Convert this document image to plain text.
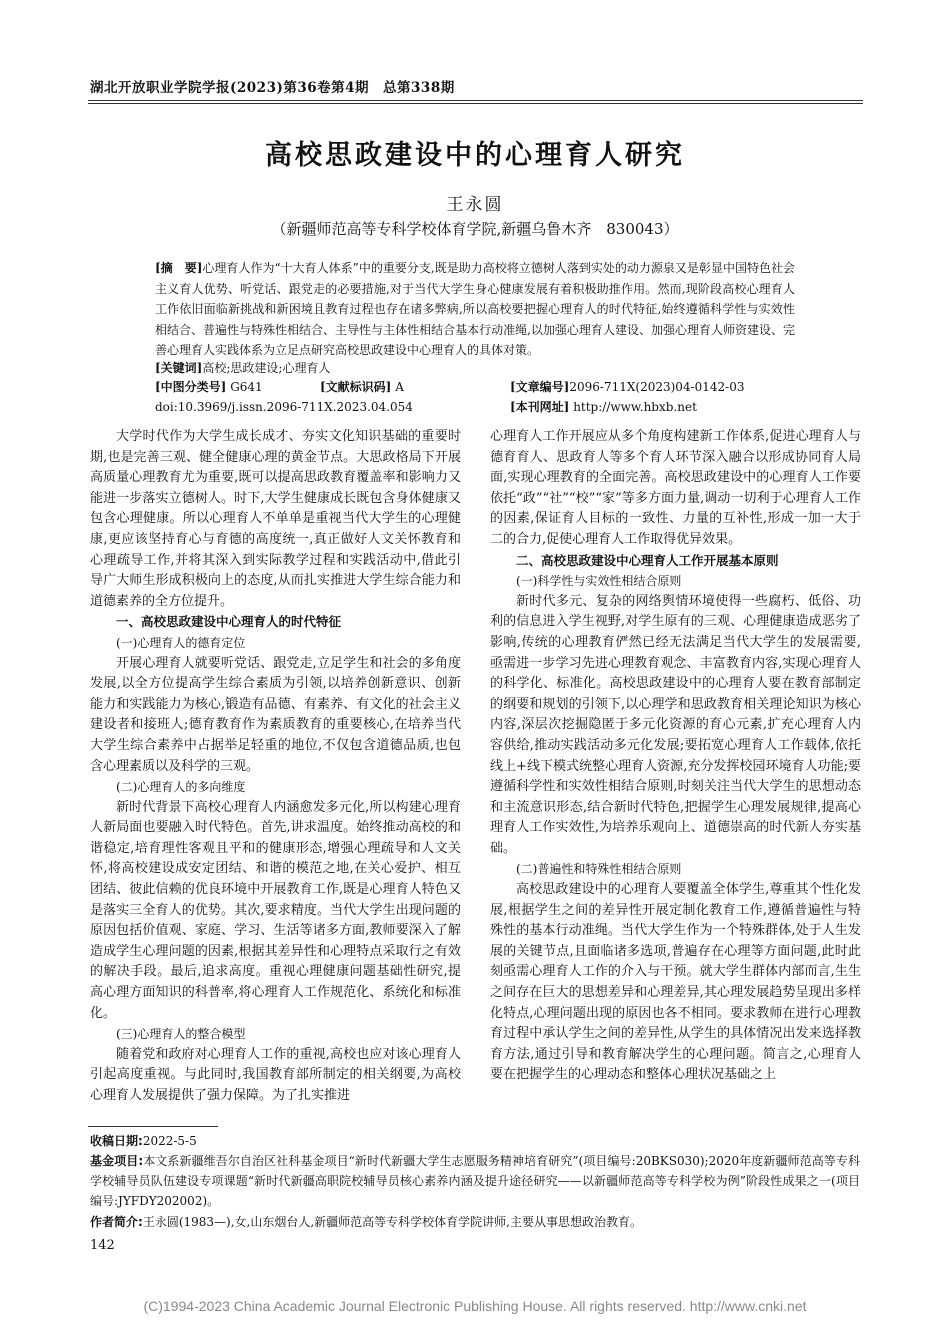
湖北开放职业学院学报(2023)第36卷第4期　总第338期
高校思政建设中的心理育人研究
王永圆
（新疆师范高等专科学校体育学院,新疆乌鲁木齐　830043）
[摘　要]心理育人作为“十大育人体系”中的重要分支,既是助力高校将立德树人落到实处的动力源泉又是彰显中国特色社会主义育人优势、听党话、跟党走的必要措施,对于当代大学生身心健康发展有着积极助推作用。然而,现阶段高校心理育人工作依旧面临新挑战和新困境且教育过程也存在诸多弊病,所以高校要把握心理育人的时代特征,始终遵循科学性与实效性相结合、普遍性与特殊性相结合、主导性与主体性相结合基本行动准绳,以加强心理育人建设、加强心理育人师资建设、完善心理育人实践体系为立足点研究高校思政建设中心理育人的具体对策。
[关键词]高校;思政建设;心理育人
[中图分类号] G641	[文献标识码] A	[文章编号]2096-711X(2023)04-0142-03
doi:10.3969/j.issn.2096-711X.2023.04.054	[本刊网址] http://www.hbxb.net

大学时代作为大学生成长成才、夯实文化知识基础的重要时期,也是完善三观、健全健康心理的黄金节点。大思政格局下开展高质量心理教育尤为重要,既可以提高思政教育覆盖率和影响力又能进一步落实立德树人。时下,大学生健康成长既包含身体健康又包含心理健康。所以心理育人不单单是重视当代大学生的心理健康,更应该坚持育心与育德的高度统一,真正做好人文关怀教育和心理疏导工作,并将其深入到实际教学过程和实践活动中,借此引导广大师生形成积极向上的态度,从而扎实推进大学生综合能力和道德素养的全方位提升。

一、高校思政建设中心理育人的时代特征

(一)心理育人的德育定位

开展心理育人就要听党话、跟党走,立足学生和社会的多角度发展,以全方位提高学生综合素质为引领,以培养创新意识、创新能力和实践能力为核心,锻造有品德、有素养、有文化的社会主义建设者和接班人;德育教育作为素质教育的重要核心,在培养当代大学生综合素养中占据举足轻重的地位,不仅包含道德品质,也包含心理素质以及科学的三观。

(二)心理育人的多向维度

新时代背景下高校心理育人内涵愈发多元化,所以构建心理育人新局面也要融入时代特色。首先,讲求温度。始终推动高校的和谐稳定,培育理性客观且平和的健康形态,增强心理疏导和人文关怀,将高校建设成安定团结、和谐的模范之地,在关心爱护、相互团结、彼此信赖的优良环境中开展教育工作,既是心理育人特色又是落实三全育人的优势。其次,要求精度。当代大学生出现问题的原因包括价值观、家庭、学习、生活等诸多方面,教师要深入了解造成学生心理问题的因素,根据其差异性和心理特点采取行之有效的解决手段。最后,追求高度。重视心理健康问题基础性研究,提高心理方面知识的科普率,将心理育人工作规范化、系统化和标准化。

(三)心理育人的整合模型

随着党和政府对心理育人工作的重视,高校也应对该心理育人引起高度重视。与此同时,我国教育部所制定的相关纲要,为高校心理育人发展提供了强力保障。为了扎实推进

心理育人工作开展应从多个角度构建新工作体系,促进心理育人与德育育人、思政育人等多个育人环节深入融合以形成协同育人局面,实现心理教育的全面完善。高校思政建设中的心理育人工作要依托“政”“社”“校”“家”等多方面力量,调动一切利于心理育人工作的因素,保证育人目标的一致性、力量的互补性,形成一加一大于二的合力,促使心理育人工作取得优异效果。

二、高校思政建设中心理育人工作开展基本原则

(一)科学性与实效性相结合原则

新时代多元、复杂的网络舆情环境使得一些腐朽、低俗、功利的信息进入学生视野,对学生原有的三观、心理健康造成恶劣了影响,传统的心理教育俨然已经无法满足当代大学生的发展需要,亟需进一步学习先进心理教育观念、丰富教育内容,实现心理育人的科学化、标准化。高校思政建设中的心理育人要在教育部制定的纲要和规划的引领下,以心理学和思政教育相关理论知识为核心内容,深层次挖掘隐匿于多元化资源的育心元素,扩充心理育人内容供给,推动实践活动多元化发展;要拓宽心理育人工作载体,依托线上+线下模式统整心理育人资源,充分发挥校园环境育人功能;要遵循科学性和实效性相结合原则,时刻关注当代大学生的思想动态和主流意识形态,结合新时代特色,把握学生心理发展规律,提高心理育人工作实效性,为培养乐观向上、道德崇高的时代新人夯实基础。

(二)普遍性和特殊性相结合原则

高校思政建设中的心理育人要覆盖全体学生,尊重其个性化发展,根据学生之间的差异性开展定制化教育工作,遵循普遍性与特殊性的基本行动准绳。当代大学生作为一个特殊群体,处于人生发展的关键节点,且面临诸多选项,普遍存在心理等方面问题,此时此刻亟需心理育人工作的介入与干预。就大学生群体内部而言,生生之间存在巨大的思想差异和心理差异,其心理发展趋势呈现出多样化特点,心理问题出现的原因也各不相同。要求教师在进行心理教育过程中承认学生之间的差异性,从学生的具体情况出发来选择教育方法,通过引导和教育解决学生的心理问题。简言之,心理育人要在把握学生的心理动态和整体心理状况基础之上

收稿日期:2022-5-5
基金项目:本文系新疆维吾尔自治区社科基金项目“新时代新疆大学生志愿服务精神培育研究”(项目编号:20BKS030);2020年度新疆师范高等专科学校辅导员队伍建设专项课题“新时代新疆高职院校辅导员核心素养内涵及提升途径研究——以新疆师范高等专科学校为例”阶段性成果之一(项目编号:JYFDY202002)。
作者简介:王永圆(1983—),女,山东烟台人,新疆师范高等专科学校体育学院讲师,主要从事思想政治教育。
142
(C)1994-2023 China Academic Journal Electronic Publishing House. All rights reserved. http://www.cnki.net
